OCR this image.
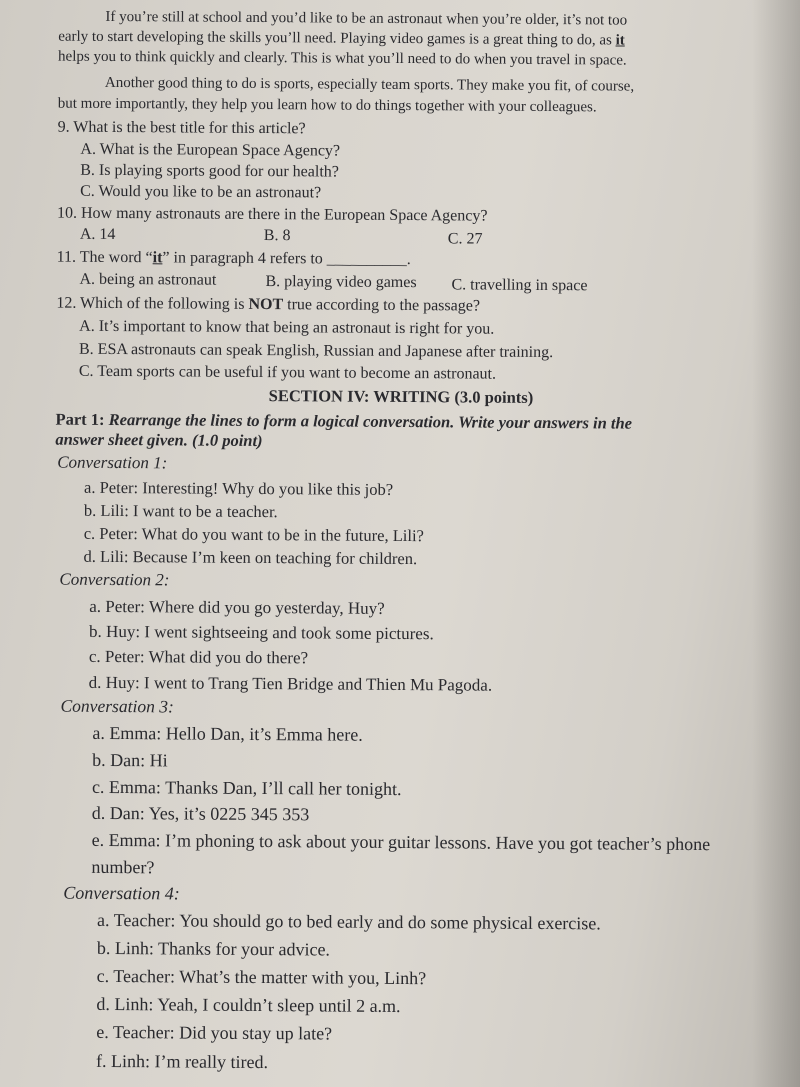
If you’re still at school and you’d like to be an astronaut when you’re older, it’s not too
early to start developing the skills you’ll need. Playing video games is a great thing to do, as it
helps you to think quickly and clearly. This is what you’ll need to do when you travel in space.
Another good thing to do is sports, especially team sports. They make you fit, of course,
but more importantly, they help you learn how to do things together with your colleagues.
9. What is the best title for this article?
A. What is the European Space Agency?
B. Is playing sports good for our health?
C. Would you like to be an astronaut?
10. How many astronauts are there in the European Space Agency?
A. 14	B. 8	C. 27
11. The word “it” in paragraph 4 refers to __________.
A. being an astronaut	B. playing video games C. travelling in space
12. Which of the following is NOT true according to the passage?
A. It’s important to know that being an astronaut is right for you.
B. ESA astronauts can speak English, Russian and Japanese after training.
C. Team sports can be useful if you want to become an astronaut.
SECTION IV: WRITING (3.0 points)
Part 1: Rearrange the lines to form a logical conversation. Write your answers in the
answer sheet given. (1.0 point)
Conversation 1:
a. Peter: Interesting! Why do you like this job?
b. Lili: I want to be a teacher.
c. Peter: What do you want to be in the future, Lili?
d. Lili: Because I’m keen on teaching for children.
Conversation 2:
a. Peter: Where did you go yesterday, Huy?
b. Huy: I went sightseeing and took some pictures.
c. Peter: What did you do there?
d. Huy: I went to Trang Tien Bridge and Thien Mu Pagoda.
Conversation 3:
a. Emma: Hello Dan, it’s Emma here.
b. Dan: Hi
c. Emma: Thanks Dan, I’ll call her tonight.
d. Dan: Yes, it’s 0225 345 353
e. Emma: I’m phoning to ask about your guitar lessons. Have you got teacher’s phone
number?
Conversation 4:
a. Teacher: You should go to bed early and do some physical exercise.
b. Linh: Thanks for your advice.
c. Teacher: What’s the matter with you, Linh?
d. Linh: Yeah, I couldn’t sleep until 2 a.m.
e. Teacher: Did you stay up late?
f. Linh: I’m really tired.
